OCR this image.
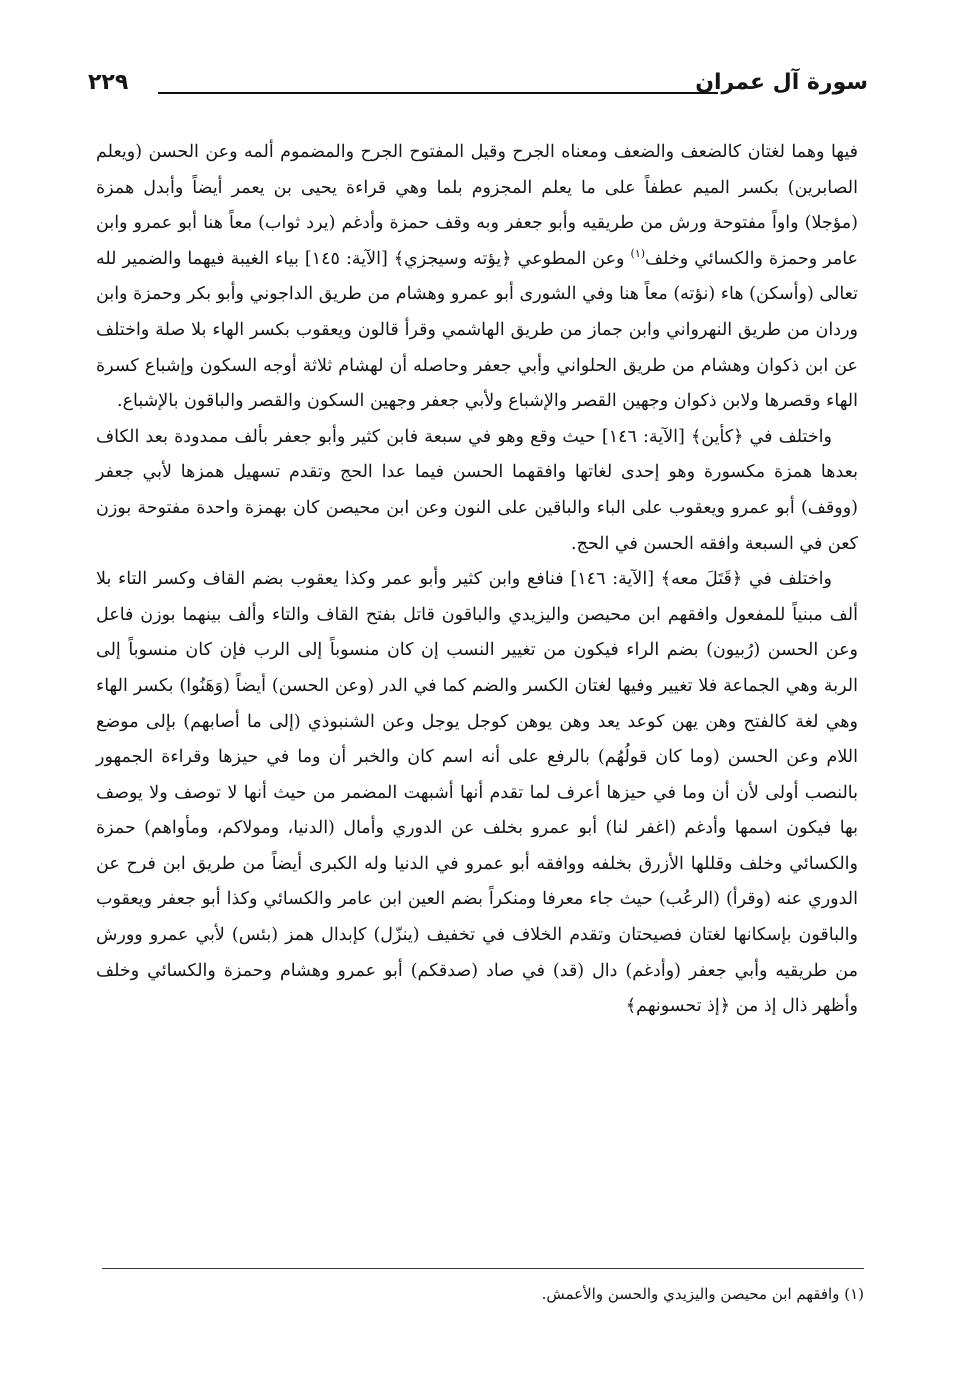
سورة آل عمران
٢٢٩

فيها وهما لغتان كالضعف والضعف ومعناه الجرح وقيل المفتوح الجرح والمضموم ألمه وعن الحسن (ويعلم الصابرين) بكسر الميم عطفاً على ما يعلم المجزوم بلما وهي قراءة يحيى بن يعمر أيضاً وأبدل همزة (مؤجلا) واواً مفتوحة ورش من طريقيه وأبو جعفر وبه وقف حمزة وأدغم (يرد ثواب) معاً هنا أبو عمرو وابن عامر وحمزة والكسائي وخلف$^{(١)}$ وعن المطوعي ﴿يؤته وسيجزي﴾ [الآية: ١٤٥] بياء الغيبة فيهما والضمير لله تعالى (وأسكن) هاء (نؤته) معاً هنا وفي الشورى أبو عمرو وهشام من طريق الداجوني وأبو بكر وحمزة وابن وردان من طريق النهرواني وابن جماز من طريق الهاشمي وقرأ قالون ويعقوب بكسر الهاء بلا صلة واختلف عن ابن ذكوان وهشام من طريق الحلواني وأبي جعفر وحاصله أن لهشام ثلاثة أوجه السكون وإشباع كسرة الهاء وقصرها ولابن ذكوان وجهين القصر والإشباع ولأبي جعفر وجهين السكون والقصر والباقون بالإشباع.

واختلف في ﴿كأين﴾ [الآية: ١٤٦] حيث وقع وهو في سبعة فابن كثير وأبو جعفر بألف ممدودة بعد الكاف بعدها همزة مكسورة وهو إحدى لغاتها وافقهما الحسن فيما عدا الحج وتقدم تسهيل همزها لأبي جعفر (ووقف) أبو عمرو ويعقوب على الباء والباقين على النون وعن ابن محيصن كان بهمزة واحدة مفتوحة بوزن كعن في السبعة وافقه الحسن في الحج.

واختلف في ﴿قَتَلَ معه﴾ [الآية: ١٤٦] فنافع وابن كثير وأبو عمر وكذا يعقوب بضم القاف وكسر التاء بلا ألف مبنياً للمفعول وافقهم ابن محيصن واليزيدي والباقون قاتل بفتح القاف والتاء وألف بينهما بوزن فاعل وعن الحسن (رُبيون) بضم الراء فيكون من تغيير النسب إن كان منسوباً إلى الرب فإن كان منسوباً إلى الربة وهي الجماعة فلا تغيير وفيها لغتان الكسر والضم كما في الدر (وعن الحسن) أيضاً (وَهَنُوا) بكسر الهاء وهي لغة كالفتح وهن يهن كوعد يعد وهن يوهن كوجل يوجل وعن الشنبوذي (إلى ما أصابهم) بإلى موضع اللام وعن الحسن (وما كان قولُهُم) بالرفع على أنه اسم كان والخبر أن وما في حيزها وقراءة الجمهور بالنصب أولى لأن أن وما في حيزها أعرف لما تقدم أنها أشبهت المضمر من حيث أنها لا توصف ولا يوصف بها فيكون اسمها وأدغم (اغفر لنا) أبو عمرو بخلف عن الدوري وأمال (الدنيا، ومولاكم، ومأواهم) حمزة والكسائي وخلف وقللها الأزرق بخلفه ووافقه أبو عمرو في الدنيا وله الكبرى أيضاً من طريق ابن فرح عن الدوري عنه (وقرأ) (الرعُب) حيث جاء معرفا ومنكراً بضم العين ابن عامر والكسائي وكذا أبو جعفر ويعقوب والباقون بإسكانها لغتان فصيحتان وتقدم الخلاف في تخفيف (ينزّل) كإبدال همز (بئس) لأبي عمرو وورش من طريقيه وأبي جعفر (وأدغم) دال (قد) في صاد (صدقكم) أبو عمرو وهشام وحمزة والكسائي وخلف وأظهر ذال إذ من ﴿إذ تحسونهم﴾

(١) وافقهم ابن محيصن واليزيدي والحسن والأعمش.
